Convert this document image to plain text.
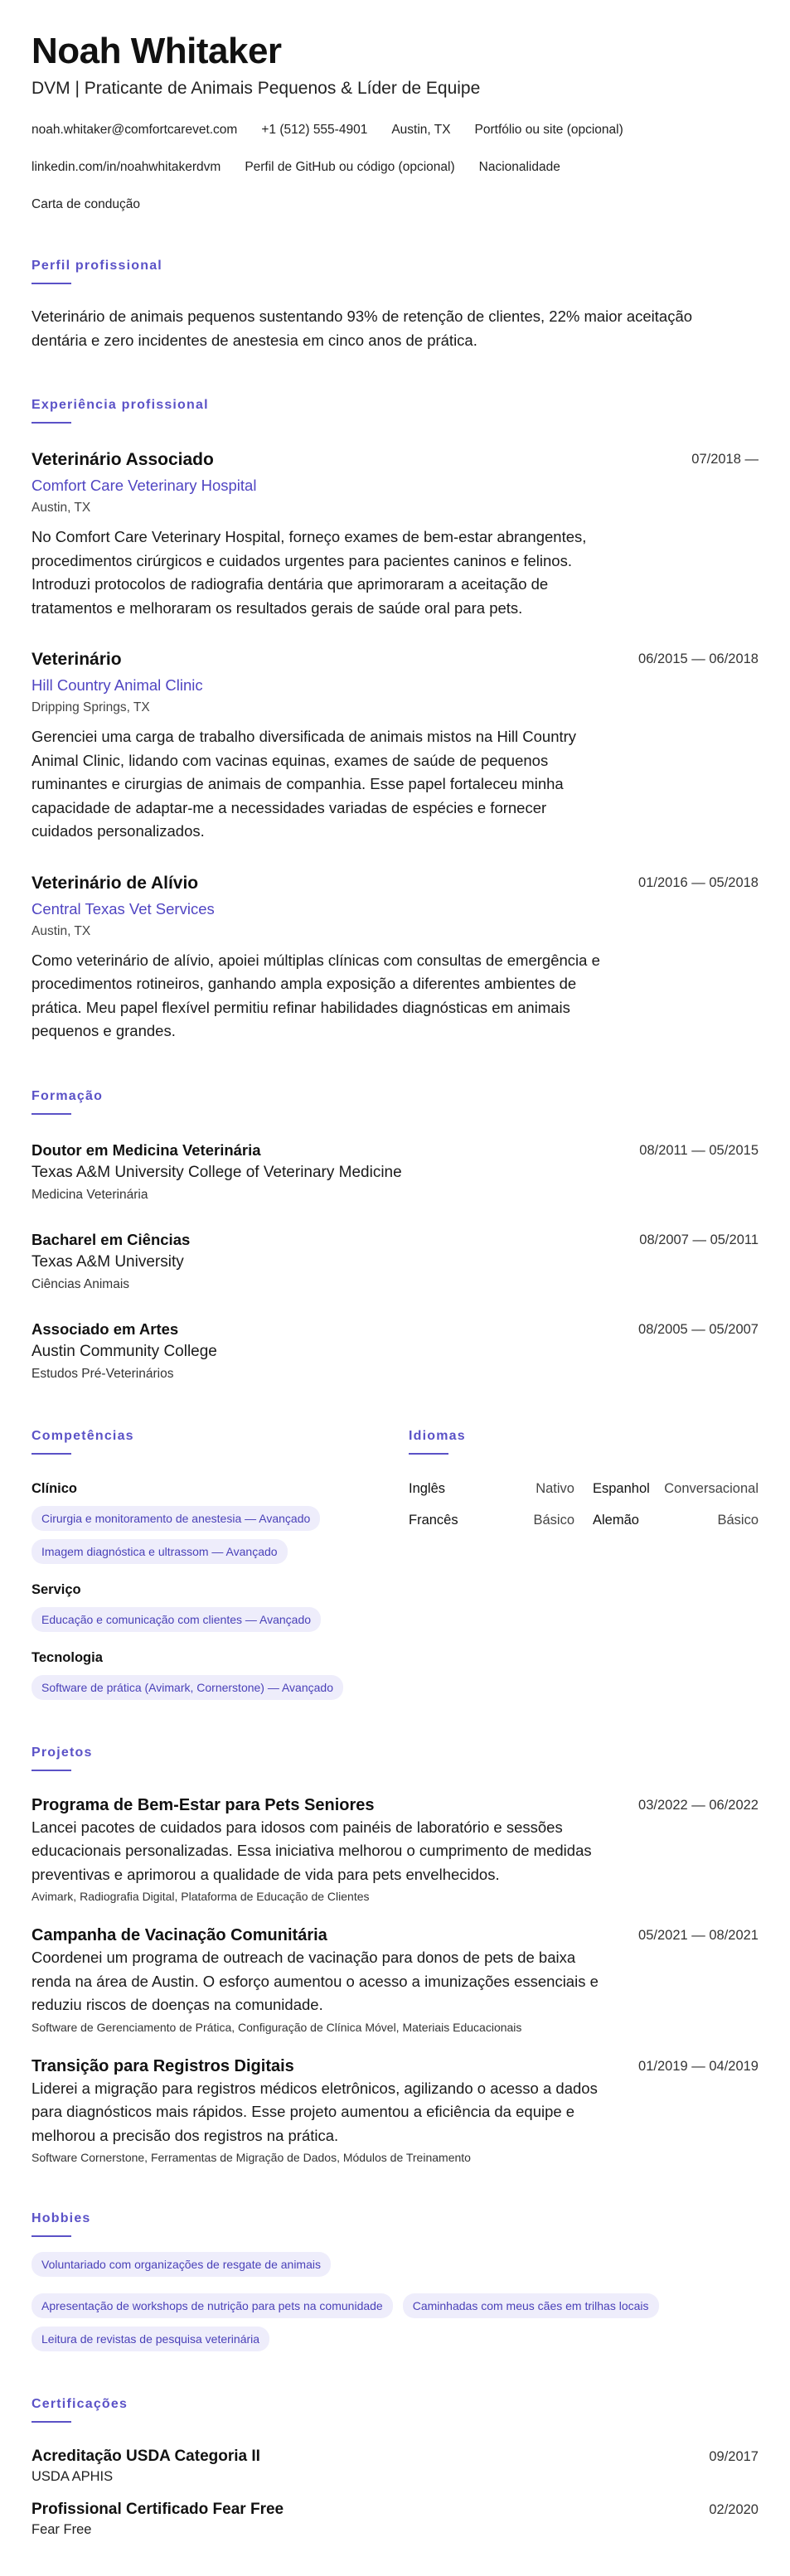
Noah Whitaker
DVM | Praticante de Animais Pequenos & Líder de Equipe
noah.whitaker@comfortcarevet.com +1 (512) 555-4901 Austin, TX Portfólio ou site (opcional)
linkedin.com/in/noahwhitakerdvm Perfil de GitHub ou código (opcional) Nacionalidade
Carta de condução
Perfil profissional
Veterinário de animais pequenos sustentando 93% de retenção de clientes, 22% maior aceitação dentária e zero incidentes de anestesia em cinco anos de prática.
Experiência profissional
Veterinário Associado	07/2018 —
Comfort Care Veterinary Hospital
Austin, TX
No Comfort Care Veterinary Hospital, forneço exames de bem-estar abrangentes, procedimentos cirúrgicos e cuidados urgentes para pacientes caninos e felinos. Introduzi protocolos de radiografia dentária que aprimoraram a aceitação de tratamentos e melhoraram os resultados gerais de saúde oral para pets.
Veterinário	06/2015 — 06/2018
Hill Country Animal Clinic
Dripping Springs, TX
Gerenciei uma carga de trabalho diversificada de animais mistos na Hill Country Animal Clinic, lidando com vacinas equinas, exames de saúde de pequenos ruminantes e cirurgias de animais de companhia. Esse papel fortaleceu minha capacidade de adaptar-me a necessidades variadas de espécies e fornecer cuidados personalizados.
Veterinário de Alívio	01/2016 — 05/2018
Central Texas Vet Services
Austin, TX
Como veterinário de alívio, apoiei múltiplas clínicas com consultas de emergência e procedimentos rotineiros, ganhando ampla exposição a diferentes ambientes de prática. Meu papel flexível permitiu refinar habilidades diagnósticas em animais pequenos e grandes.
Formação
Doutor em Medicina Veterinária	08/2011 — 05/2015
Texas A&M University College of Veterinary Medicine
Medicina Veterinária
Bacharel em Ciências	08/2007 — 05/2011
Texas A&M University
Ciências Animais
Associado em Artes	08/2005 — 05/2007
Austin Community College
Estudos Pré-Veterinários
Competências
Clínico
Cirurgia e monitoramento de anestesia — Avançado
Imagem diagnóstica e ultrassom — Avançado
Serviço
Educação e comunicação com clientes — Avançado
Tecnologia
Software de prática (Avimark, Cornerstone) — Avançado
Idiomas
Inglês	Nativo Espanhol Conversacional
Francês	Básico Alemão	Básico
Projetos
Programa de Bem-Estar para Pets Seniores	03/2022 — 06/2022
Lancei pacotes de cuidados para idosos com painéis de laboratório e sessões educacionais personalizadas. Essa iniciativa melhorou o cumprimento de medidas preventivas e aprimorou a qualidade de vida para pets envelhecidos.
Avimark, Radiografia Digital, Plataforma de Educação de Clientes
Campanha de Vacinação Comunitária	05/2021 — 08/2021
Coordenei um programa de outreach de vacinação para donos de pets de baixa renda na área de Austin. O esforço aumentou o acesso a imunizações essenciais e reduziu riscos de doenças na comunidade.
Software de Gerenciamento de Prática, Configuração de Clínica Móvel, Materiais Educacionais
Transição para Registros Digitais	01/2019 — 04/2019
Liderei a migração para registros médicos eletrônicos, agilizando o acesso a dados para diagnósticos mais rápidos. Esse projeto aumentou a eficiência da equipe e melhorou a precisão dos registros na prática.
Software Cornerstone, Ferramentas de Migração de Dados, Módulos de Treinamento
Hobbies
Voluntariado com organizações de resgate de animais
Apresentação de workshops de nutrição para pets na comunidade	Caminhadas com meus cães em trilhas locais
Leitura de revistas de pesquisa veterinária
Certificações
Acreditação USDA Categoria II	09/2017
USDA APHIS
Profissional Certificado Fear Free	02/2020
Fear Free
